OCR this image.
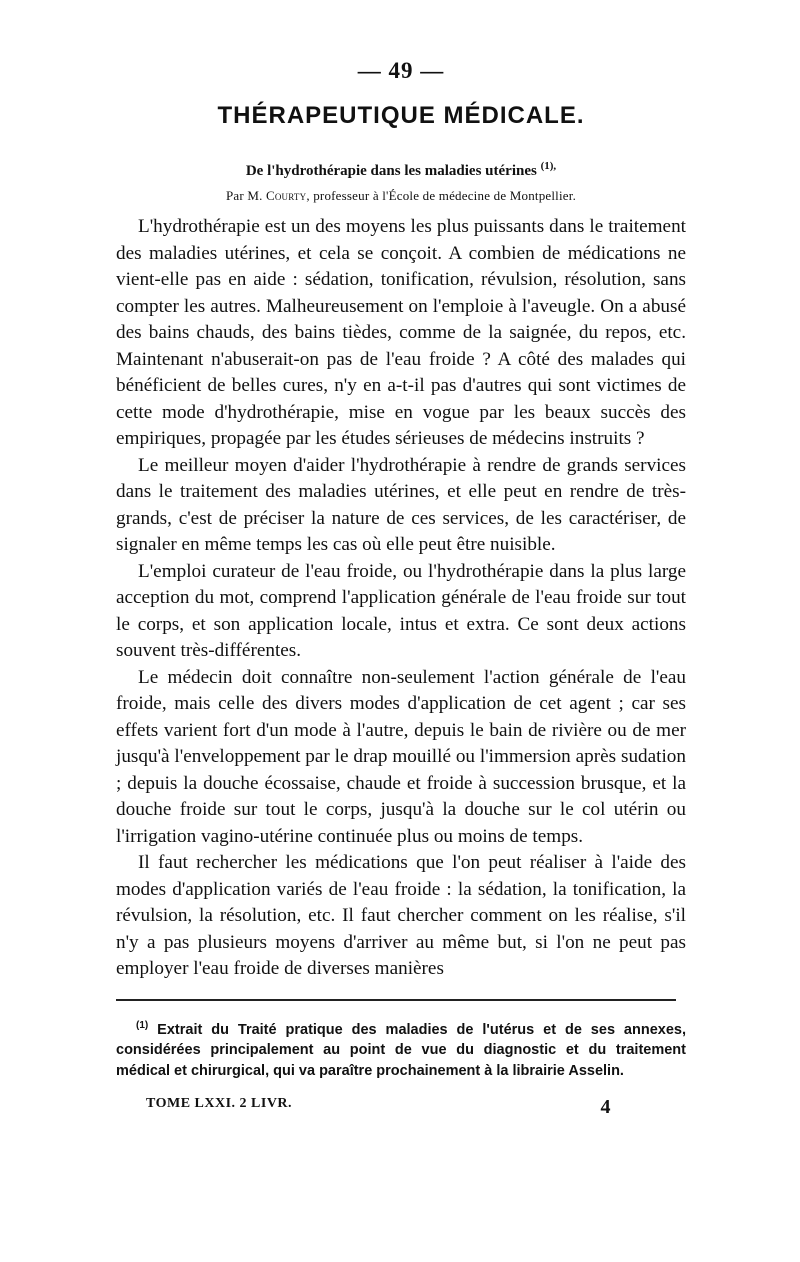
— 49 —
THÉRAPEUTIQUE MÉDICALE.
De l'hydrothérapie dans les maladies utérines $^{(1),}$
Par M. Courty, professeur à l'École de médecine de Montpellier.

L'hydrothérapie est un des moyens les plus puissants dans le traitement des maladies utérines, et cela se conçoit. A combien de médications ne vient-elle pas en aide : sédation, tonification, révulsion, résolution, sans compter les autres. Malheureusement on l'emploie à l'aveugle. On a abusé des bains chauds, des bains tièdes, comme de la saignée, du repos, etc. Maintenant n'abuserait-on pas de l'eau froide ? A côté des malades qui bénéficient de belles cures, n'y en a-t-il pas d'autres qui sont victimes de cette mode d'hydrothérapie, mise en vogue par les beaux succès des empiriques, propagée par les études sérieuses de médecins instruits ?

Le meilleur moyen d'aider l'hydrothérapie à rendre de grands services dans le traitement des maladies utérines, et elle peut en rendre de très-grands, c'est de préciser la nature de ces services, de les caractériser, de signaler en même temps les cas où elle peut être nuisible.

L'emploi curateur de l'eau froide, ou l'hydrothérapie dans la plus large acception du mot, comprend l'application générale de l'eau froide sur tout le corps, et son application locale, intus et extra. Ce sont deux actions souvent très-différentes.

Le médecin doit connaître non-seulement l'action générale de l'eau froide, mais celle des divers modes d'application de cet agent ; car ses effets varient fort d'un mode à l'autre, depuis le bain de rivière ou de mer jusqu'à l'enveloppement par le drap mouillé ou l'immersion après sudation ; depuis la douche écossaise, chaude et froide à succession brusque, et la douche froide sur tout le corps, jusqu'à la douche sur le col utérin ou l'irrigation vagino-utérine continuée plus ou moins de temps.

Il faut rechercher les médications que l'on peut réaliser à l'aide des modes d'application variés de l'eau froide : la sédation, la tonification, la révulsion, la résolution, etc. Il faut chercher comment on les réalise, s'il n'y a pas plusieurs moyens d'arriver au même but, si l'on ne peut pas employer l'eau froide de diverses manières

$^{(1)}$ Extrait du Traité pratique des maladies de l'utérus et de ses annexes, considérées principalement au point de vue du diagnostic et du traitement médical et chirurgical, qui va paraître prochainement à la librairie Asselin.

TOME LXXI. 2 LIVR.	4
